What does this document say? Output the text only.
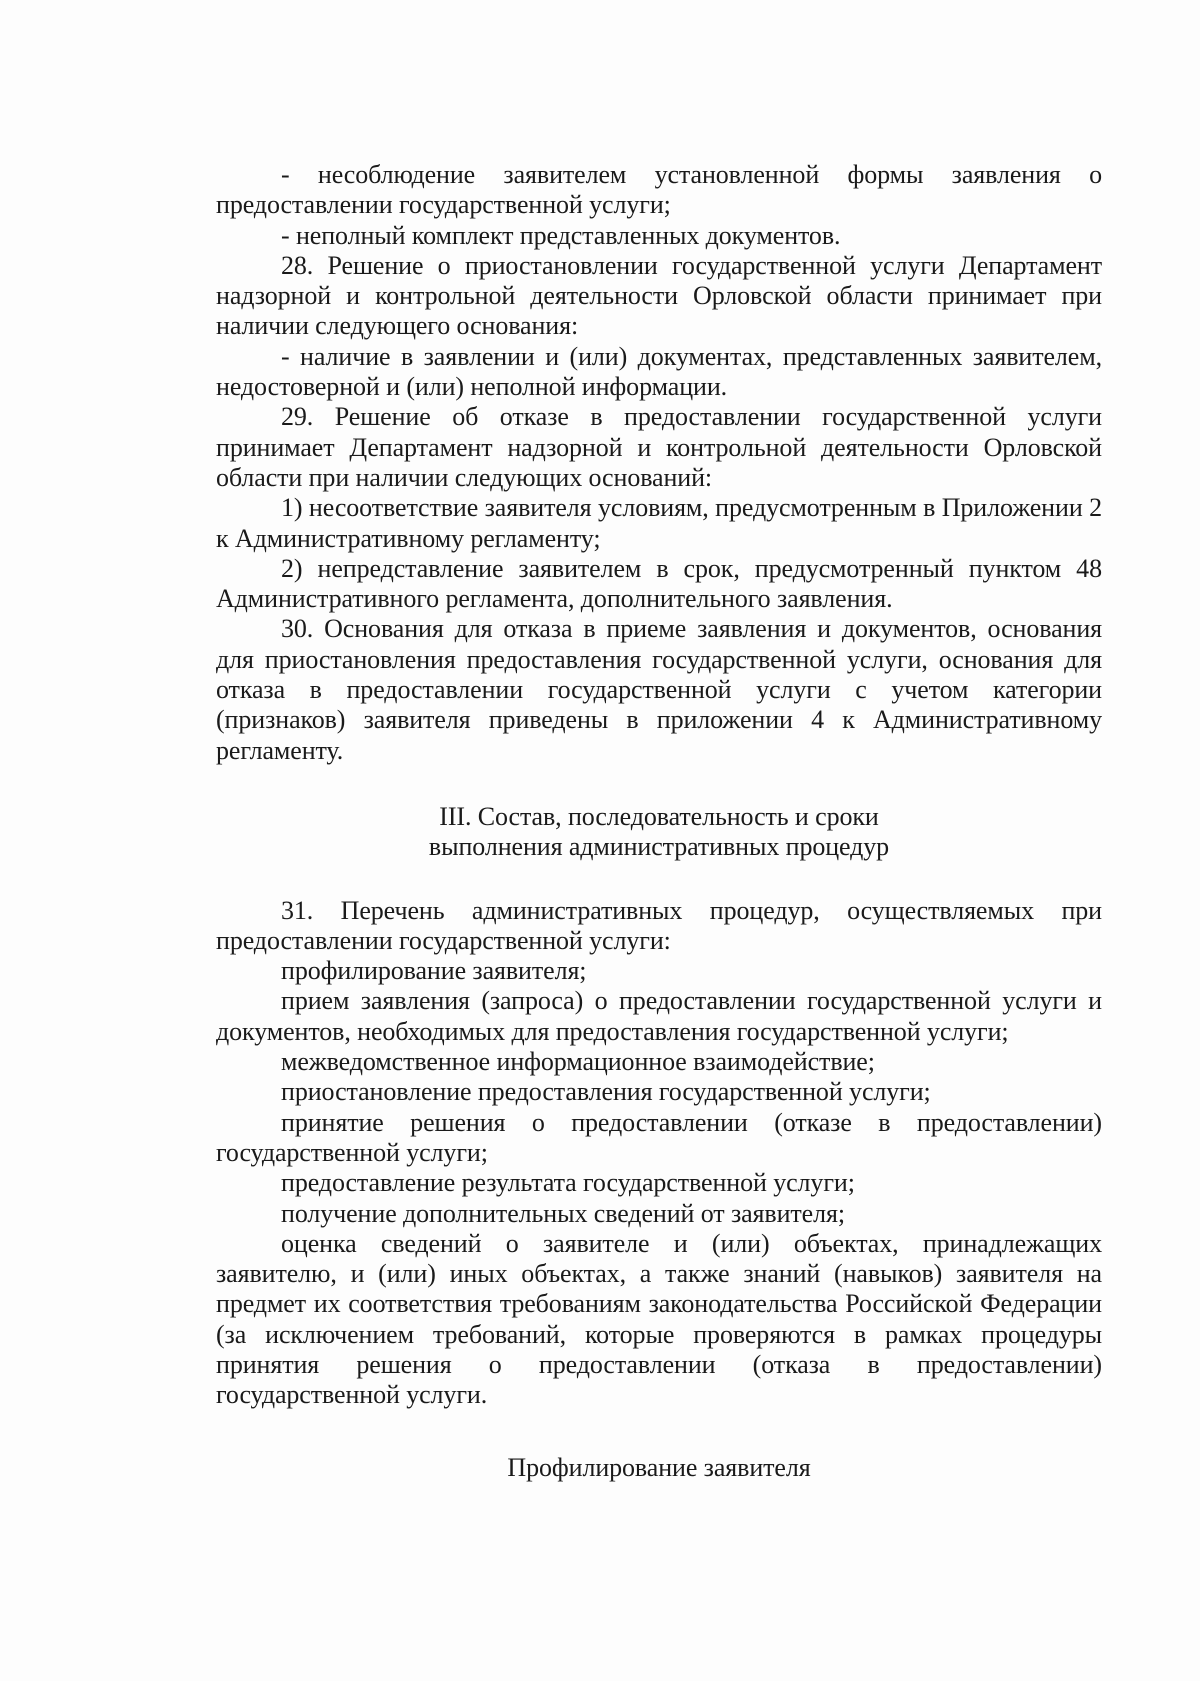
- несоблюдение заявителем установленной формы заявления о предоставлении государственной услуги;

- неполный комплект представленных документов.

28. Решение о приостановлении государственной услуги Департамент надзорной и контрольной деятельности Орловской области принимает при наличии следующего основания:

- наличие в заявлении и (или) документах, представленных заявителем, недостоверной и (или) неполной информации.

29. Решение об отказе в предоставлении государственной услуги принимает Департамент надзорной и контрольной деятельности Орловской области при наличии следующих оснований:

1) несоответствие заявителя условиям, предусмотренным в Приложении 2 к Административному регламенту;

2) непредставление заявителем в срок, предусмотренный пунктом 48 Административного регламента, дополнительного заявления.

30. Основания для отказа в приеме заявления и документов, основания для приостановления предоставления государственной услуги, основания для отказа в предоставлении государственной услуги с учетом категории (признаков) заявителя приведены в приложении 4 к Административному регламенту.

III. Состав, последовательность и сроки

выполнения административных процедур

31. Перечень административных процедур, осуществляемых при предоставлении государственной услуги:

профилирование заявителя;

прием заявления (запроса) о предоставлении государственной услуги и документов, необходимых для предоставления государственной услуги;

межведомственное информационное взаимодействие;

приостановление предоставления государственной услуги;

принятие решения о предоставлении (отказе в предоставлении) государственной услуги;

предоставление результата государственной услуги;

получение дополнительных сведений от заявителя;

оценка сведений о заявителе и (или) объектах, принадлежащих заявителю, и (или) иных объектах, а также знаний (навыков) заявителя на предмет их соответствия требованиям законодательства Российской Федерации (за исключением требований, которые проверяются в рамках процедуры принятия решения о предоставлении (отказа в предоставлении) государственной услуги.

Профилирование заявителя
